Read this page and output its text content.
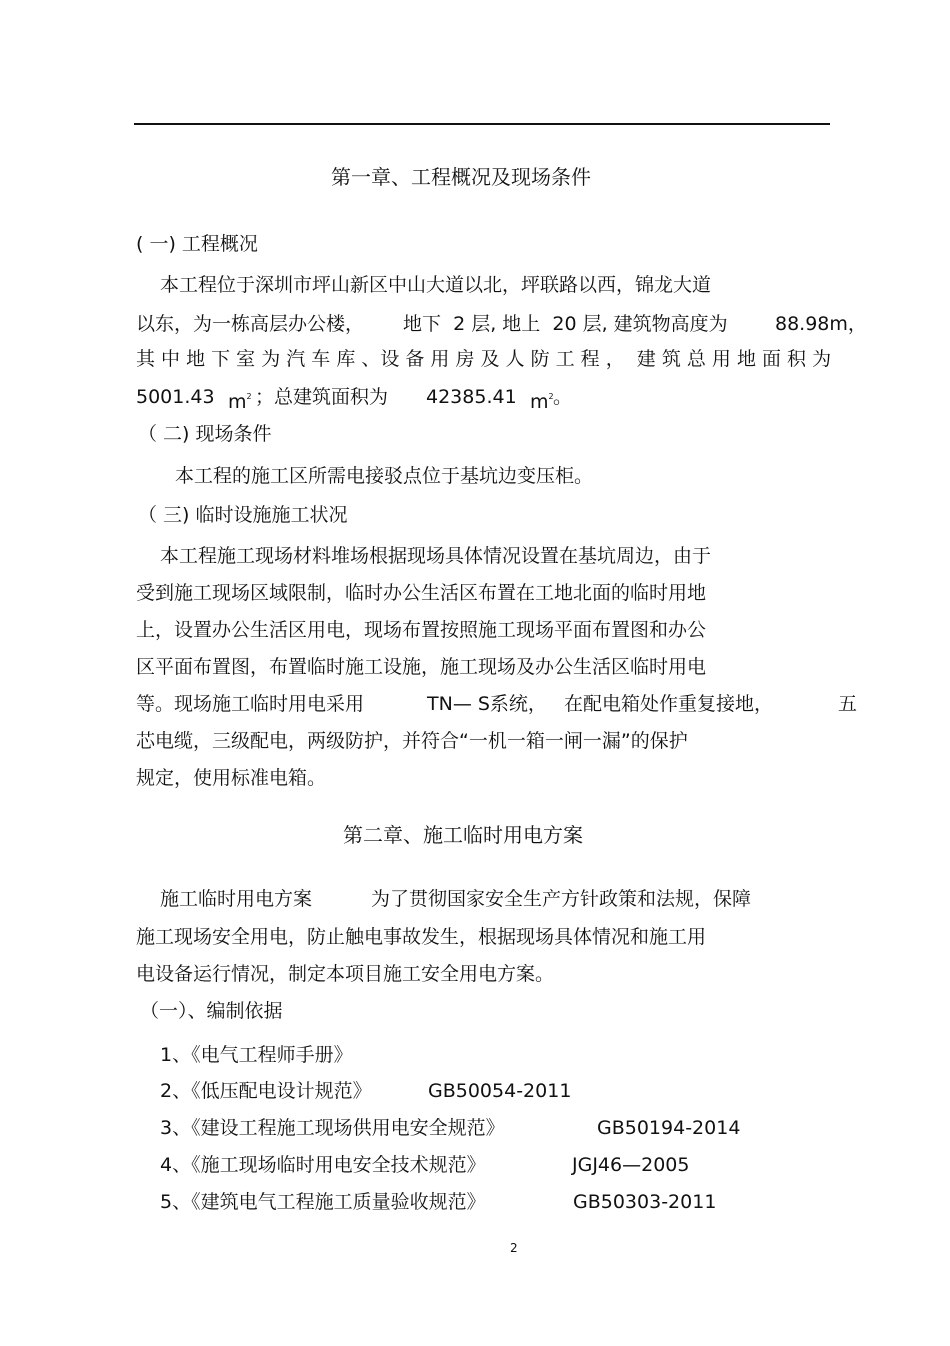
第一章、工程概况及现场条件
( 一) 工程概况
本工程位于深圳市坪山新区中山大道以北，坪联路以西，锦龙大道
以东，为一栋高层办公楼， 地下  2 层, 地上  20 层, 建筑物高度为 88.98m，
其 中 地 下 室 为 汽 车 库 、设 备 用 房 及 人 防 工 程 ，  建 筑 总 用 地 面 积 为
5001.43 $m^2$ ；总建筑面积为 42385.41 $m^2$ 。
（ 二) 现场条件
本工程的施工区所需电接驳点位于基坑边变压柜。
（ 三) 临时设施施工状况
本工程施工现场材料堆场根据现场具体情况设置在基坑周边，由于
受到施工现场区域限制，临时办公生活区布置在工地北面的临时用地
上，设置办公生活区用电，现场布置按照施工现场平面布置图和办公
区平面布置图，布置临时施工设施，施工现场及办公生活区临时用电
等。现场施工临时用电采用	TN— S系统， 在配电箱处作重复接地，	五
芯电缆，三级配电，两级防护，并符合“一机一箱一闸一漏”的保护
规定，使用标准电箱。
第二章、施工临时用电方案
施工临时用电方案	为了贯彻国家安全生产方针政策和法规，保障
施工现场安全用电，防止触电事故发生，根据现场具体情况和施工用
电设备运行情况，制定本项目施工安全用电方案。
（一）、编制依据
1、《电气工程师手册》
2、《低压配电设计规范》	GB50054-2011
3、《建设工程施工现场供用电安全规范》	GB50194-2014
4、《施工现场临时用电安全技术规范》	JGJ46—2005
5、《建筑电气工程施工质量验收规范》	GB50303-2011
2
